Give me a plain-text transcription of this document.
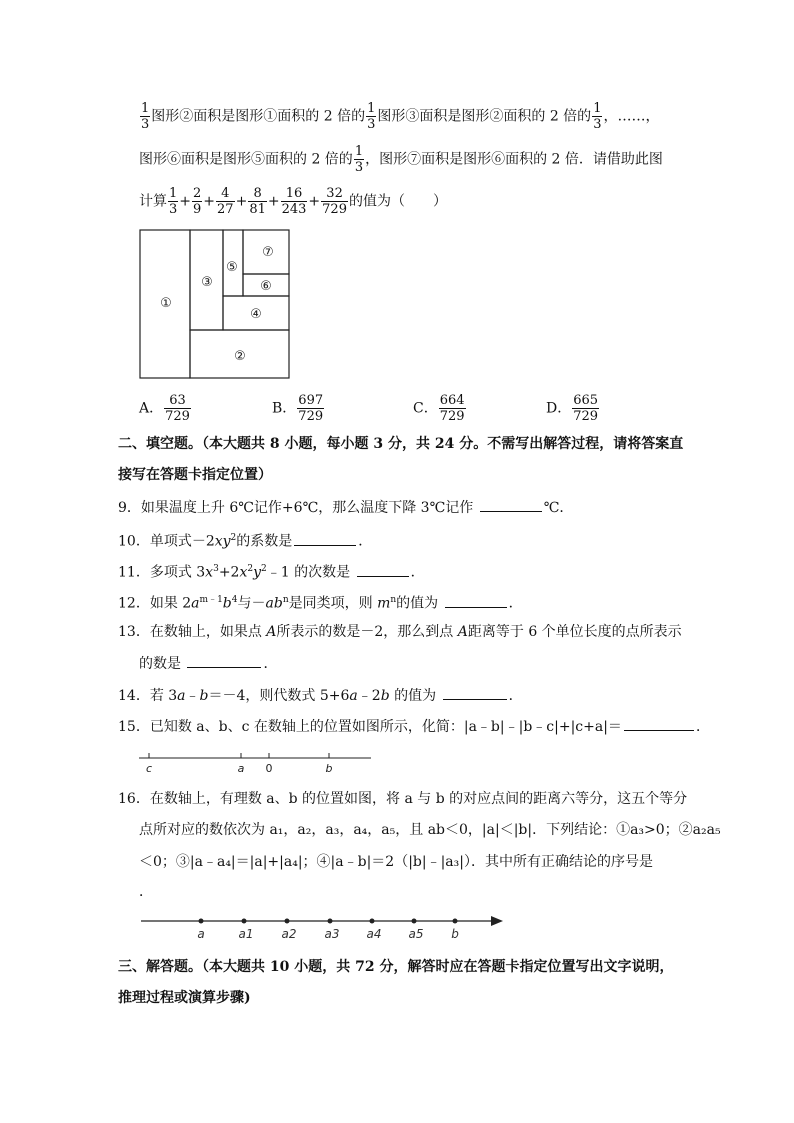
$\frac{1}{3}$ 图形②面积是图形①面积的 2 倍的 $\frac{1}{3}$ 图形③面积是图形②面积的 2 倍的 $\frac{1}{3}$ ，……，
图形⑥面积是图形⑤面积的 2 倍的 $\frac{1}{3}$ ，图形⑦面积是图形⑥面积的 2 倍．请借助此图
计算 $\frac{1}{3} + \frac{2}{9} + \frac{4}{27} + \frac{8}{81} + \frac{16}{243} + \frac{32}{729}$ 的值为（　　）
①
②
③
④
⑤
⑥
⑦
A． $\frac{63}{729}$	B． $\frac{697}{729}$	C． $\frac{664}{729}$	D． $\frac{665}{729}$
二、填空题。（本大题共 8 小题，每小题 3 分，共 24 分。不需写出解答过程，请将答案直
接写在答题卡指定位置）
9．如果温度上升 6℃记作+6℃，那么温度下降 3℃记作	℃．
10．单项式$-2xy^2$的系数是	．
11．多项式 $3x^3+2x^2y^2﹣1$ 的次数是	．
12．如果 $2a^{m﹣1}b^4$与$-ab^n$是同类项，则 $m^n$的值为	．
13．在数轴上，如果点 A所表示的数是－2，那么到点 A距离等于 6 个单位长度的点所表示
的数是	．
14．若 3a﹣b＝－4，则代数式 5+6a﹣2b 的值为	．
15．已知数 a、b、c 在数轴上的位置如图所示，化简：|a﹣b|﹣|b﹣c|+|c+a|＝	．
c	a 0	b
16．在数轴上，有理数 a、b 的位置如图，将 a 与 b 的对应点间的距离六等分，这五个等分
点所对应的数依次为 a₁，a₂，a₃，a₄，a₅，且 ab＜0，|a|＜|b|．下列结论：①a₃>0；②a₂a₅
＜0；③|a﹣a₄|＝|a|+|a₄|；④|a﹣b|＝2（|b|﹣|a₃|）．其中所有正确结论的序号是
．
a	a1 a2 a3 a4 a5 b
三、解答题。（本大题共 10 小题，共 72 分，解答时应在答题卡指定位置写出文字说明，
推理过程或演算步骤)
